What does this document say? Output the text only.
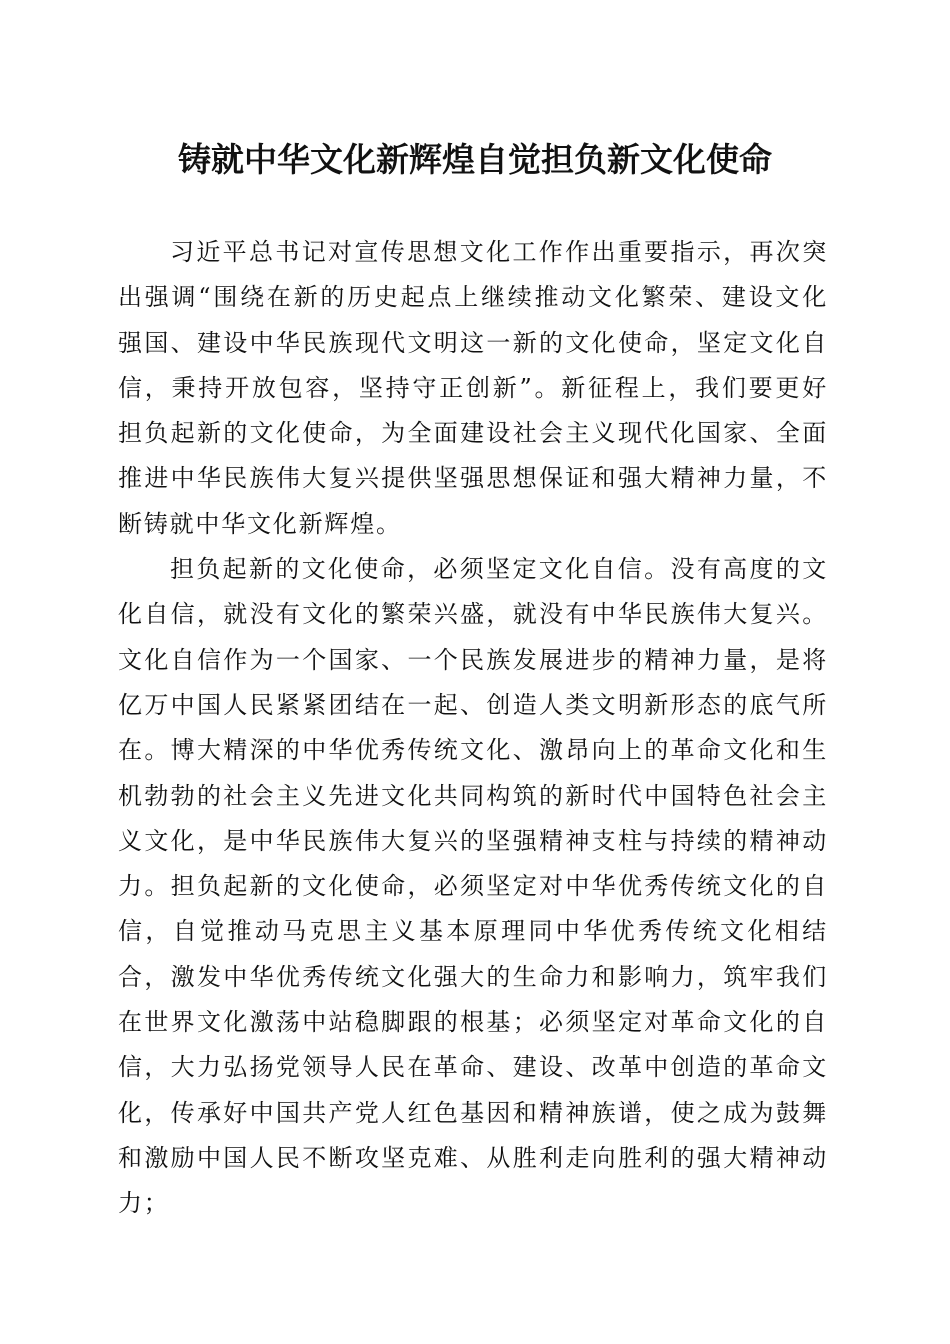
铸就中华文化新辉煌自觉担负新文化使命

习近平总书记对宣传思想文化工作作出重要指示，再次突出强调“围绕在新的历史起点上继续推动文化繁荣、建设文化强国、建设中华民族现代文明这一新的文化使命，坚定文化自信，秉持开放包容，坚持守正创新”。新征程上，我们要更好担负起新的文化使命，为全面建设社会主义现代化国家、全面推进中华民族伟大复兴提供坚强思想保证和强大精神力量，不断铸就中华文化新辉煌。

担负起新的文化使命，必须坚定文化自信。没有高度的文化自信，就没有文化的繁荣兴盛，就没有中华民族伟大复兴。文化自信作为一个国家、一个民族发展进步的精神力量，是将亿万中国人民紧紧团结在一起、创造人类文明新形态的底气所在。博大精深的中华优秀传统文化、激昂向上的革命文化和生机勃勃的社会主义先进文化共同构筑的新时代中国特色社会主义文化，是中华民族伟大复兴的坚强精神支柱与持续的精神动力。担负起新的文化使命，必须坚定对中华优秀传统文化的自信，自觉推动马克思主义基本原理同中华优秀传统文化相结合，激发中华优秀传统文化强大的生命力和影响力，筑牢我们在世界文化激荡中站稳脚跟的根基；必须坚定对革命文化的自信，大力弘扬党领导人民在革命、建设、改革中创造的革命文化，传承好中国共产党人红色基因和精神族谱，使之成为鼓舞和激励中国人民不断攻坚克难、从胜利走向胜利的强大精神动力；
